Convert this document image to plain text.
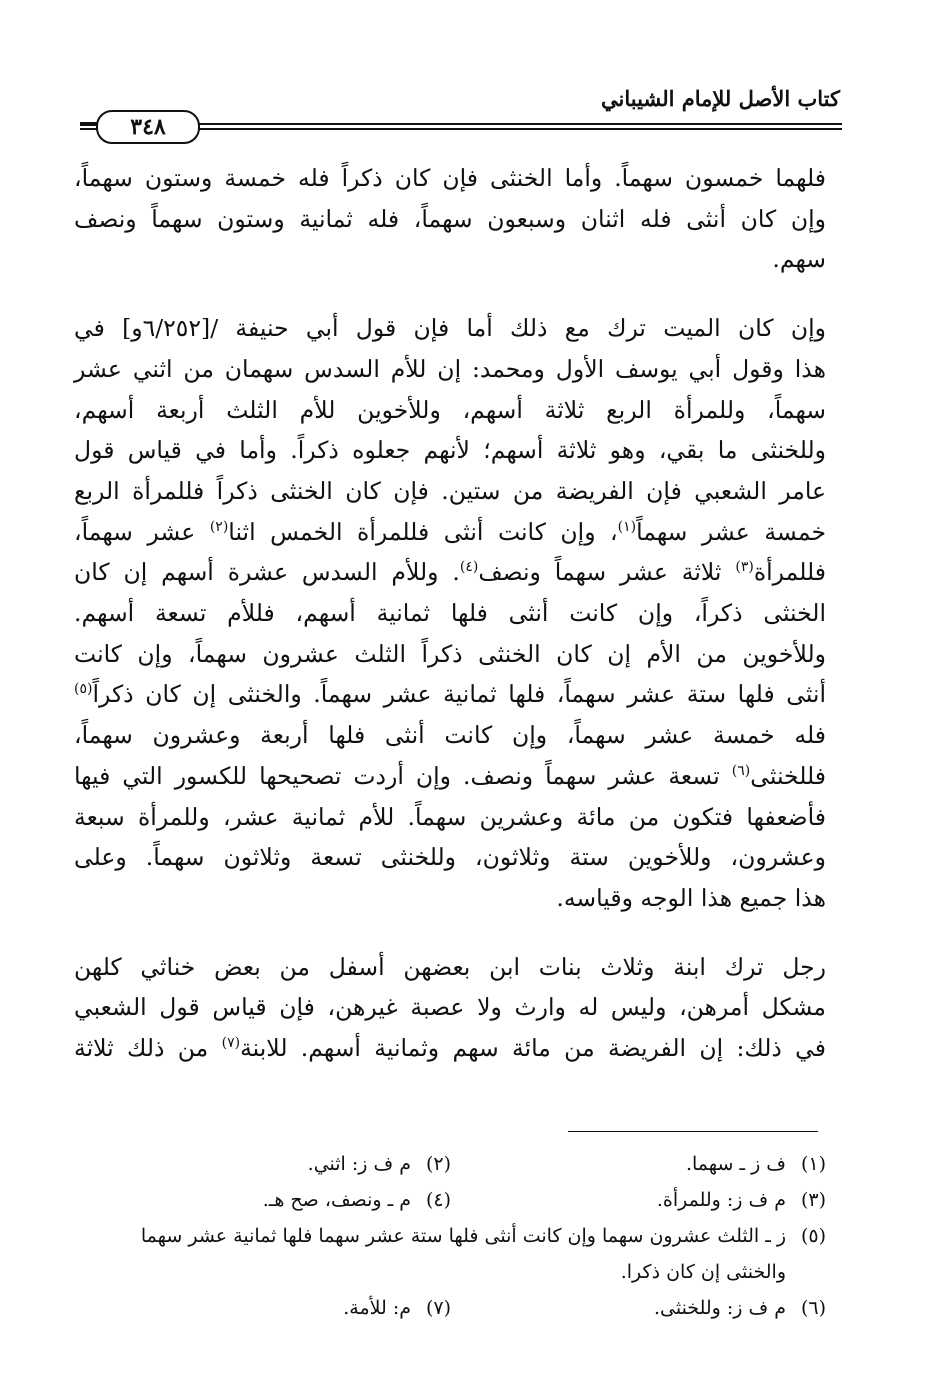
كتاب الأصل للإمام الشيباني
٣٤٨

فلهما خمسون سهماً. وأما الخنثى فإن كان ذكراً فله خمسة وستون سهماً،
وإن كان أنثى فله اثنان وسبعون سهماً، فله ثمانية وستون سهماً ونصف
سهم.

وإن كان الميت ترك مع ذلك أما فإن قول أبي حنيفة /[٦/٢٥٢و] في
هذا وقول أبي يوسف الأول ومحمد: إن للأم السدس سهمان من اثني عشر
سهماً، وللمرأة الربع ثلاثة أسهم، وللأخوين للأم الثلث أربعة أسهم،
وللخنثى ما بقي، وهو ثلاثة أسهم؛ لأنهم جعلوه ذكراً. وأما في قياس قول
عامر الشعبي فإن الفريضة من ستين. فإن كان الخنثى ذكراً فللمرأة الربع
خمسة عشر سهماً$^{(١)}$، وإن كانت أنثى فللمرأة الخمس اثنا$^{(٢)}$ عشر سهماً،
فللمرأة$^{(٣)}$ ثلاثة عشر سهماً ونصف$^{(٤)}$. وللأم السدس عشرة أسهم إن كان
الخنثى ذكراً، وإن كانت أنثى فلها ثمانية أسهم، فللأم تسعة أسهم.
وللأخوين من الأم إن كان الخنثى ذكراً الثلث عشرون سهماً، وإن كانت
أنثى فلها ستة عشر سهماً، فلها ثمانية عشر سهماً. والخنثى إن كان ذكراً$^{(٥)}$
فله خمسة عشر سهماً، وإن كانت أنثى فلها أربعة وعشرون سهماً،
فللخنثى$^{(٦)}$ تسعة عشر سهماً ونصف. وإن أردت تصحيحها للكسور التي فيها
فأضعفها فتكون من مائة وعشرين سهماً. للأم ثمانية عشر، وللمرأة سبعة
وعشرون، وللأخوين ستة وثلاثون، وللخنثى تسعة وثلاثون سهماً. وعلى
هذا جميع هذا الوجه وقياسه.

رجل ترك ابنة وثلاث بنات ابن بعضهن أسفل من بعض خناثي كلهن
مشكل أمرهن، وليس له وارث ولا عصبة غيرهن، فإن قياس قول الشعبي
في ذلك: إن الفريضة من مائة سهم وثمانية أسهم. للابنة$^{(٧)}$ من ذلك ثلاثة

(١)ف ز ـ سهما.
(٢)م ف ز: اثني.
(٣)م ف ز: وللمرأة.
(٤)م ـ ونصف، صح هـ.
(٥)ز ـ الثلث عشرون سهما وإن كانت أنثى فلها ستة عشر سهما فلها ثمانية عشر سهما
والخنثى إن كان ذكرا.
(٦)م ف ز: وللخنثى.
(٧)م: للأمة.
